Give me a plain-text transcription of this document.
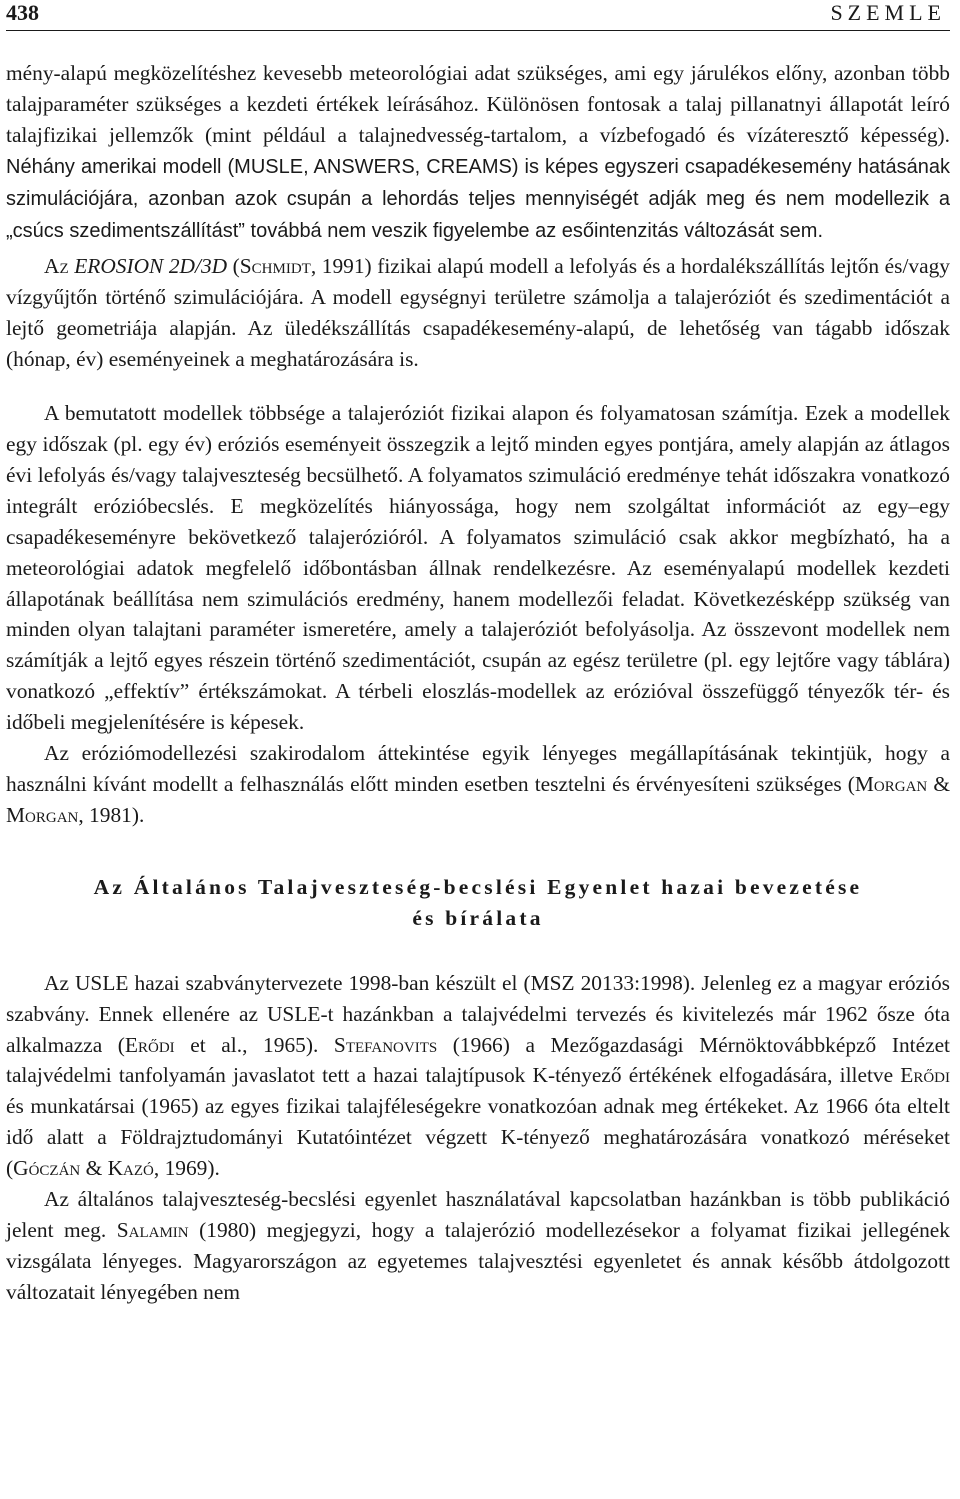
438	SZEMLE

mény-alapú megközelítéshez kevesebb meteorológiai adat szükséges, ami egy járulékos előny, azonban több talajparaméter szükséges a kezdeti értékek leírásához. Különösen fontosak a talaj pillanatnyi állapotát leíró talajfizikai jellemzők (mint például a talajnedvesség-tartalom, a vízbefogadó és vízáteresztő képesség). Néhány amerikai modell (MUSLE, ANSWERS, CREAMS) is képes egyszeri csapadékesemény hatásának szimulációjára, azonban azok csupán a lehordás teljes mennyiségét adják meg és nem modellezik a „csúcs szedimentszállítást” továbbá nem veszik figyelembe az esőintenzitás változását sem.

Az EROSION 2D/3D (Schmidt, 1991) fizikai alapú modell a lefolyás és a hordalékszállítás lejtőn és/vagy vízgyűjtőn történő szimulációjára. A modell egységnyi területre számolja a talajeróziót és szedimentációt a lejtő geometriája alapján. Az üledékszállítás csapadékesemény-alapú, de lehetőség van tágabb időszak (hónap, év) eseményeinek a meghatározására is.

A bemutatott modellek többsége a talajeróziót fizikai alapon és folyamatosan számítja. Ezek a modellek egy időszak (pl. egy év) eróziós eseményeit összegzik a lejtő minden egyes pontjára, amely alapján az átlagos évi lefolyás és/vagy talajveszteség becsülhető. A folyamatos szimuláció eredménye tehát időszakra vonatkozó integrált erózióbecslés. E megközelítés hiányossága, hogy nem szolgáltat információt az egy–egy csapadékeseményre bekövetkező talajerózióról. A folyamatos szimuláció csak akkor megbízható, ha a meteorológiai adatok megfelelő időbontásban állnak rendelkezésre. Az eseményalapú modellek kezdeti állapotának beállítása nem szimulációs eredmény, hanem modellezői feladat. Következésképp szükség van minden olyan talajtani paraméter ismeretére, amely a talajeróziót befolyásolja. Az összevont modellek nem számítják a lejtő egyes részein történő szedimentációt, csupán az egész területre (pl. egy lejtőre vagy táblára) vonatkozó „effektív” értékszámokat. A térbeli eloszlás-modellek az erózióval összefüggő tényezők tér- és időbeli megjelenítésére is képesek.

Az eróziómodellezési szakirodalom áttekintése egyik lényeges megállapításának tekintjük, hogy a használni kívánt modellt a felhasználás előtt minden esetben tesztelni és érvényesíteni szükséges (Morgan & Morgan, 1981).

Az Általános Talajveszteség-becslési Egyenlet hazai bevezetése
és bírálata

Az USLE hazai szabványtervezete 1998-ban készült el (MSZ 20133:1998). Jelenleg ez a magyar eróziós szabvány. Ennek ellenére az USLE-t hazánkban a talajvédelmi tervezés és kivitelezés már 1962 ősze óta alkalmazza (Erődi et al., 1965). Stefanovits (1966) a Mezőgazdasági Mérnöktovábbképző Intézet talajvédelmi tanfolyamán javaslatot tett a hazai talajtípusok K-tényező értékének elfogadására, illetve Erődi és munkatársai (1965) az egyes fizikai talajféleségekre vonatkozóan adnak meg értékeket. Az 1966 óta eltelt idő alatt a Földrajztudományi Kutatóintézet végzett K-tényező meghatározására vonatkozó méréseket (Góczán & Kazó, 1969).

Az általános talajveszteség-becslési egyenlet használatával kapcsolatban hazánkban is több publikáció jelent meg. Salamin (1980) megjegyzi, hogy a talajerózió modellezésekor a folyamat fizikai jellegének vizsgálata lényeges. Magyarországon az egyetemes talajvesztési egyenletet és annak később átdolgozott változatait lényegében nem
